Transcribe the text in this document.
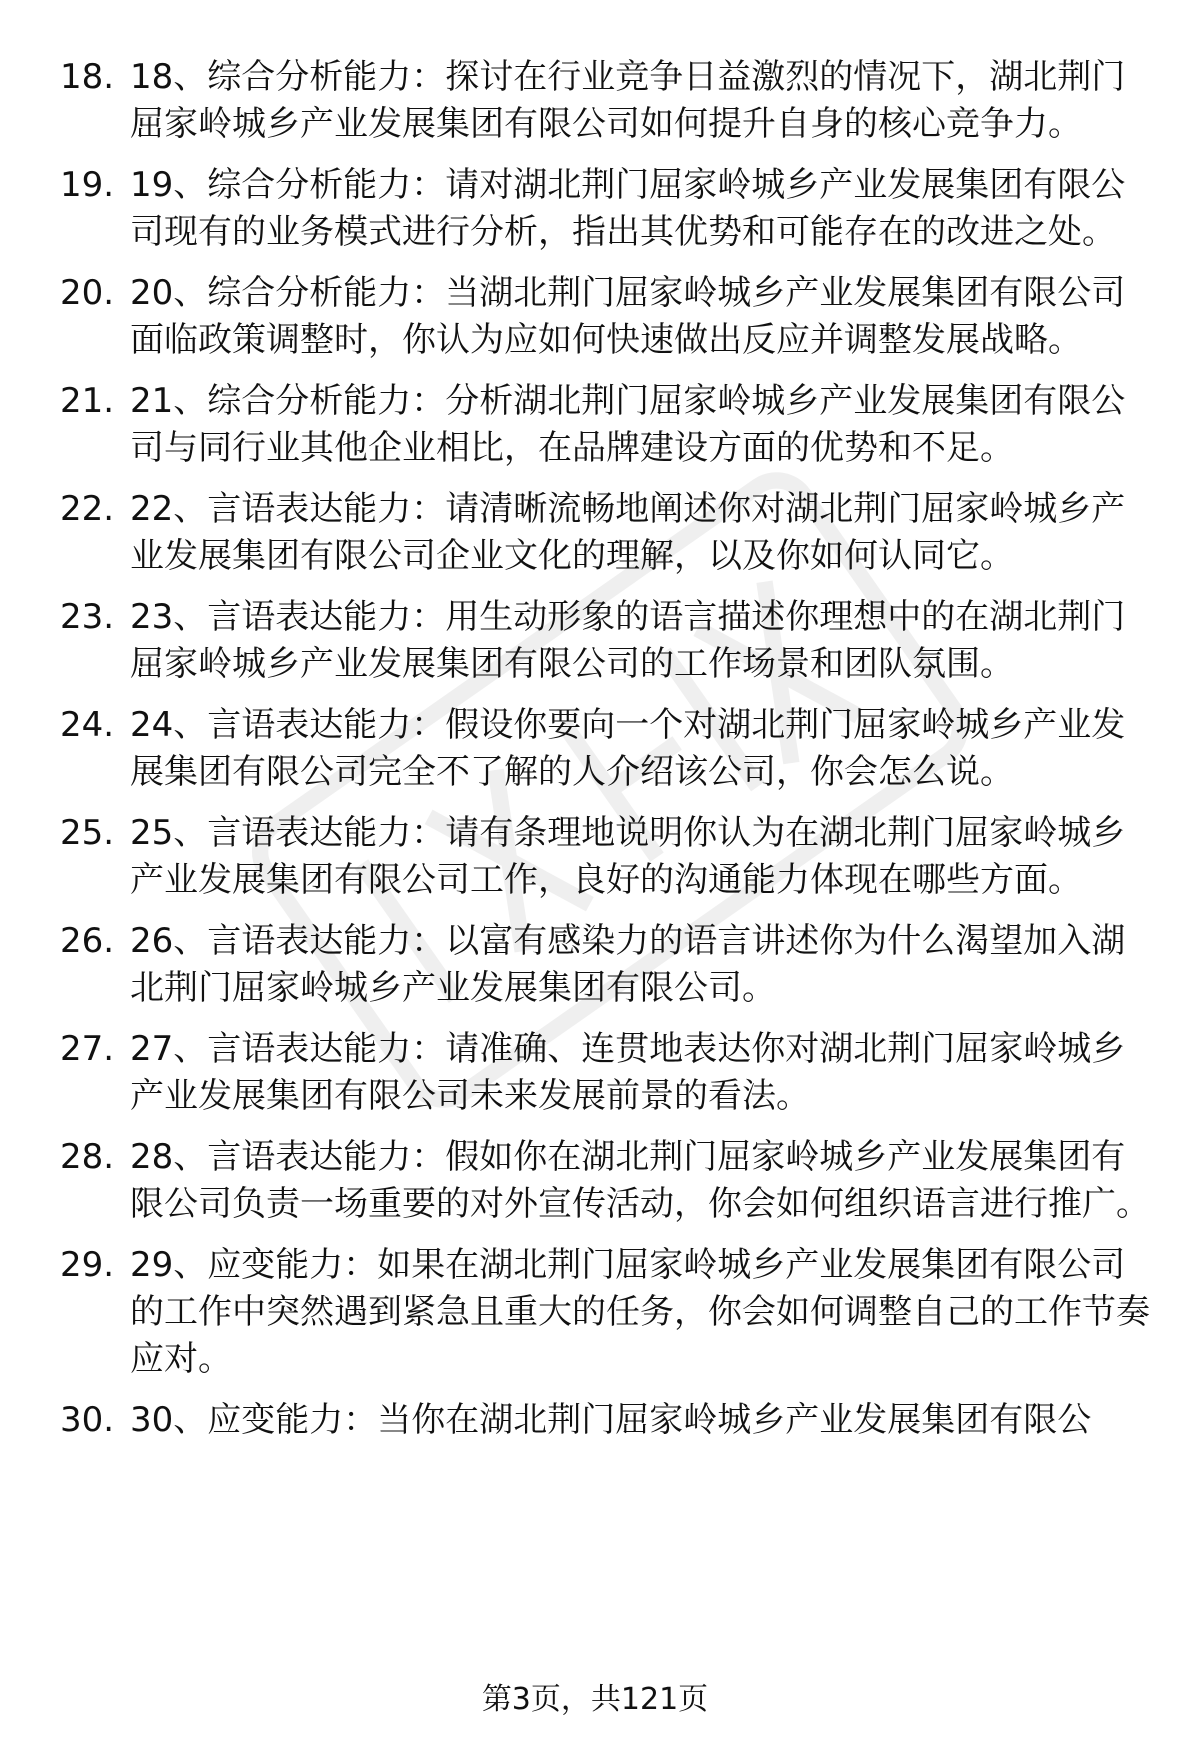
18. 18、综合分析能力：探讨在行业竞争日益激烈的情况下，湖北荆门屈家岭城乡产业发展集团有限公司如何提升自身的核心竞争力。
19. 19、综合分析能力：请对湖北荆门屈家岭城乡产业发展集团有限公司现有的业务模式进行分析，指出其优势和可能存在的改进之处。
20. 20、综合分析能力：当湖北荆门屈家岭城乡产业发展集团有限公司面临政策调整时，你认为应如何快速做出反应并调整发展战略。
21. 21、综合分析能力：分析湖北荆门屈家岭城乡产业发展集团有限公司与同行业其他企业相比，在品牌建设方面的优势和不足。
22. 22、言语表达能力：请清晰流畅地阐述你对湖北荆门屈家岭城乡产业发展集团有限公司企业文化的理解，以及你如何认同它。
23. 23、言语表达能力：用生动形象的语言描述你理想中的在湖北荆门屈家岭城乡产业发展集团有限公司的工作场景和团队氛围。
24. 24、言语表达能力：假设你要向一个对湖北荆门屈家岭城乡产业发展集团有限公司完全不了解的人介绍该公司，你会怎么说。
25. 25、言语表达能力：请有条理地说明你认为在湖北荆门屈家岭城乡产业发展集团有限公司工作，良好的沟通能力体现在哪些方面。
26. 26、言语表达能力：以富有感染力的语言讲述你为什么渴望加入湖北荆门屈家岭城乡产业发展集团有限公司。
27. 27、言语表达能力：请准确、连贯地表达你对湖北荆门屈家岭城乡产业发展集团有限公司未来发展前景的看法。
28. 28、言语表达能力：假如你在湖北荆门屈家岭城乡产业发展集团有限公司负责一场重要的对外宣传活动，你会如何组织语言进行推广。
29. 29、应变能力：如果在湖北荆门屈家岭城乡产业发展集团有限公司的工作中突然遇到紧急且重大的任务，你会如何调整自己的工作节奏应对。
30. 30、应变能力：当你在湖北荆门屈家岭城乡产业发展集团有限公
第3页，共121页
